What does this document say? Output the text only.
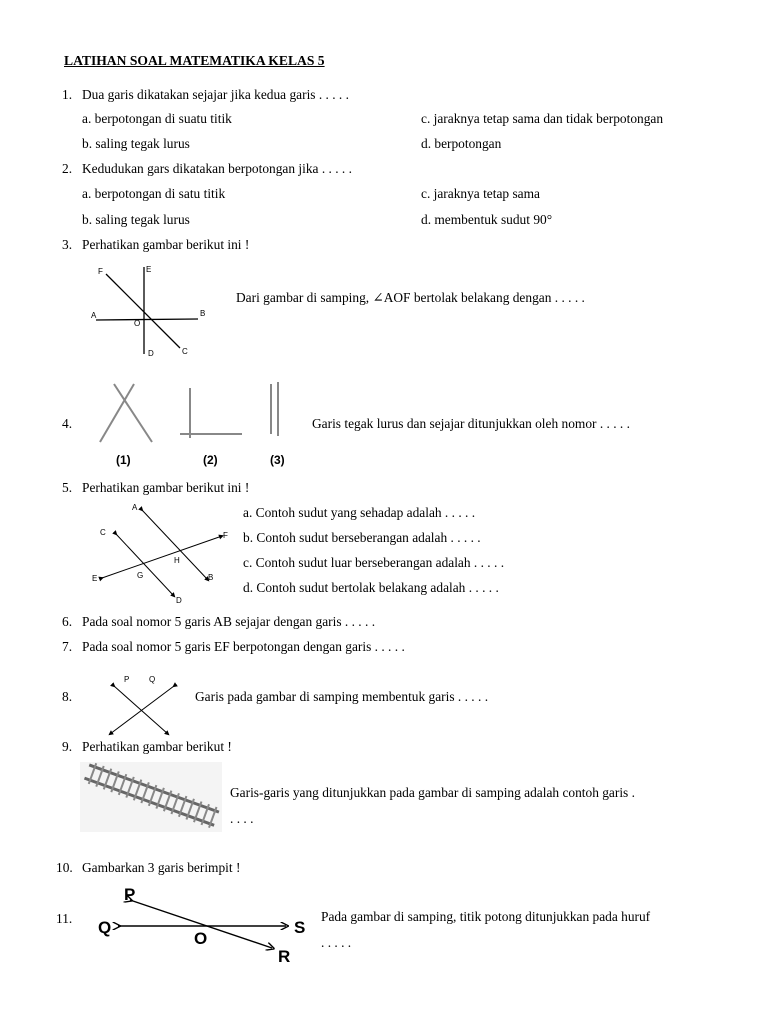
LATIHAN SOAL MATEMATIKA KELAS 5
1. Dua garis dikatakan sejajar jika kedua garis . . . . .
a. berpotongan di suatu titik
b. saling tegak lurus
c. jaraknya tetap sama dan tidak berpotongan
d. berpotongan
2. Kedudukan gars dikatakan berpotongan jika . . . . .
a. berpotongan di satu titik
b. saling tegak lurus
c. jaraknya tetap sama
d. membentuk sudut 90°
3. Perhatikan gambar berikut ini !
F	E
A
O
B
D	C
Dari gambar di samping, ∠AOF bertolak belakang dengan . . . . .
4.
(1)	(2)	(3)
Garis tegak lurus dan sejajar ditunjukkan oleh nomor . . . . .
5. Perhatikan gambar berikut ini !
A
C	F
H
G
E	B
D
a. Contoh sudut yang sehadap adalah . . . . .
b. Contoh sudut berseberangan adalah . . . . .
c. Contoh sudut luar berseberangan adalah . . . . .
d. Contoh sudut bertolak belakang adalah . . . . .
6. Pada soal nomor 5 garis AB sejajar dengan garis . . . . .
7. Pada soal nomor 5 garis EF berpotongan dengan garis . . . . .
8.
P Q
Garis pada gambar di samping membentuk garis . . . . .
9. Perhatikan gambar berikut !
Garis-garis yang ditunjukkan pada gambar di samping adalah contoh garis .
. . . .
10. Gambarkan 3 garis berimpit !
11.
P
Q
O
S
R
Pada gambar di samping, titik potong ditunjukkan pada huruf
. . . . .
